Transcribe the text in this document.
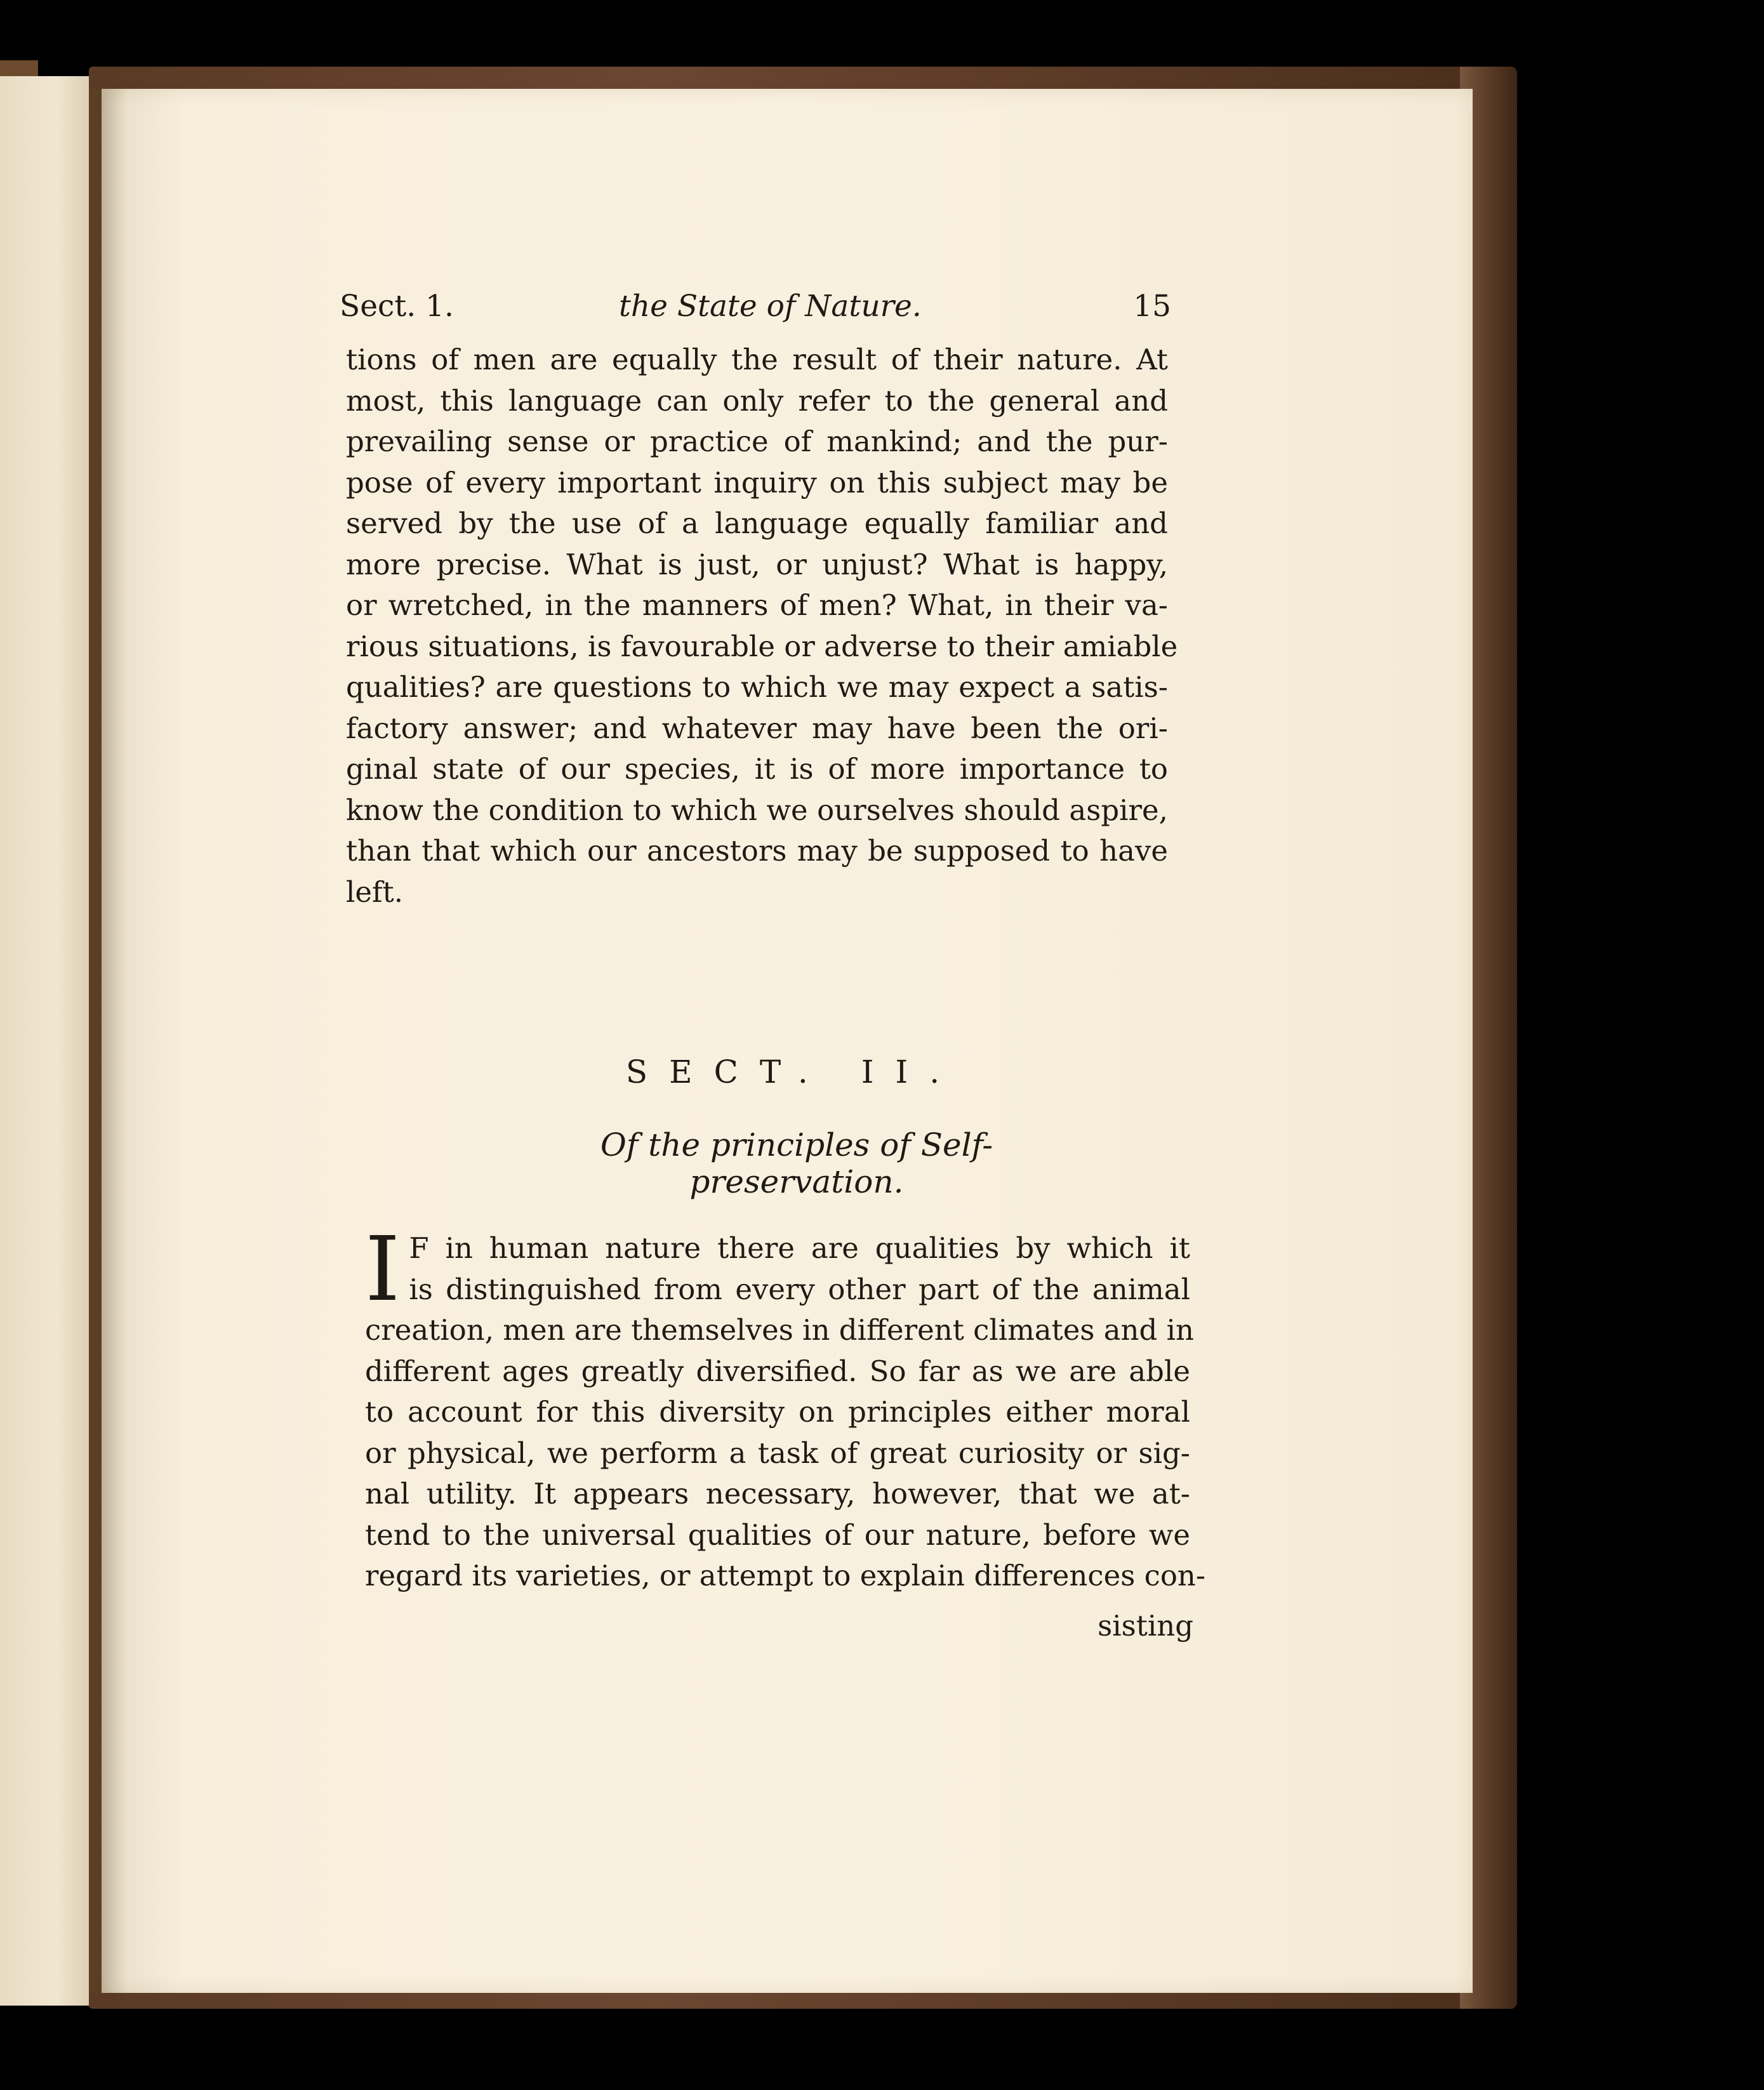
Sect. 1.	the State of Nature.	15
tions of men are equally the result of their nature. At
most, this language can only refer to the general and
prevailing sense or practice of mankind; and the pur-
pose of every important inquiry on this subject may be
served by the use of a language equally familiar and
more precise. What is just, or unjust? What is happy,
or wretched, in the manners of men? What, in their va-
rious situations, is favourable or adverse to their amiable
qualities? are questions to which we may expect a satis-
factory answer; and whatever may have been the ori-
ginal state of our species, it is of more importance to
know the condition to which we ourselves should aspire,
than that which our ancestors may be supposed to have
left.
SECT. II.
Of the principles of Self-preservation.
I F in human nature there are qualities by which it
is distinguished from every other part of the animal
creation, men are themselves in different climates and in
different ages greatly diversified. So far as we are able
to account for this diversity on principles either moral
or physical, we perform a task of great curiosity or sig-
nal utility. It appears necessary, however, that we at-
tend to the universal qualities of our nature, before we
regard its varieties, or attempt to explain differences con-
sisting
